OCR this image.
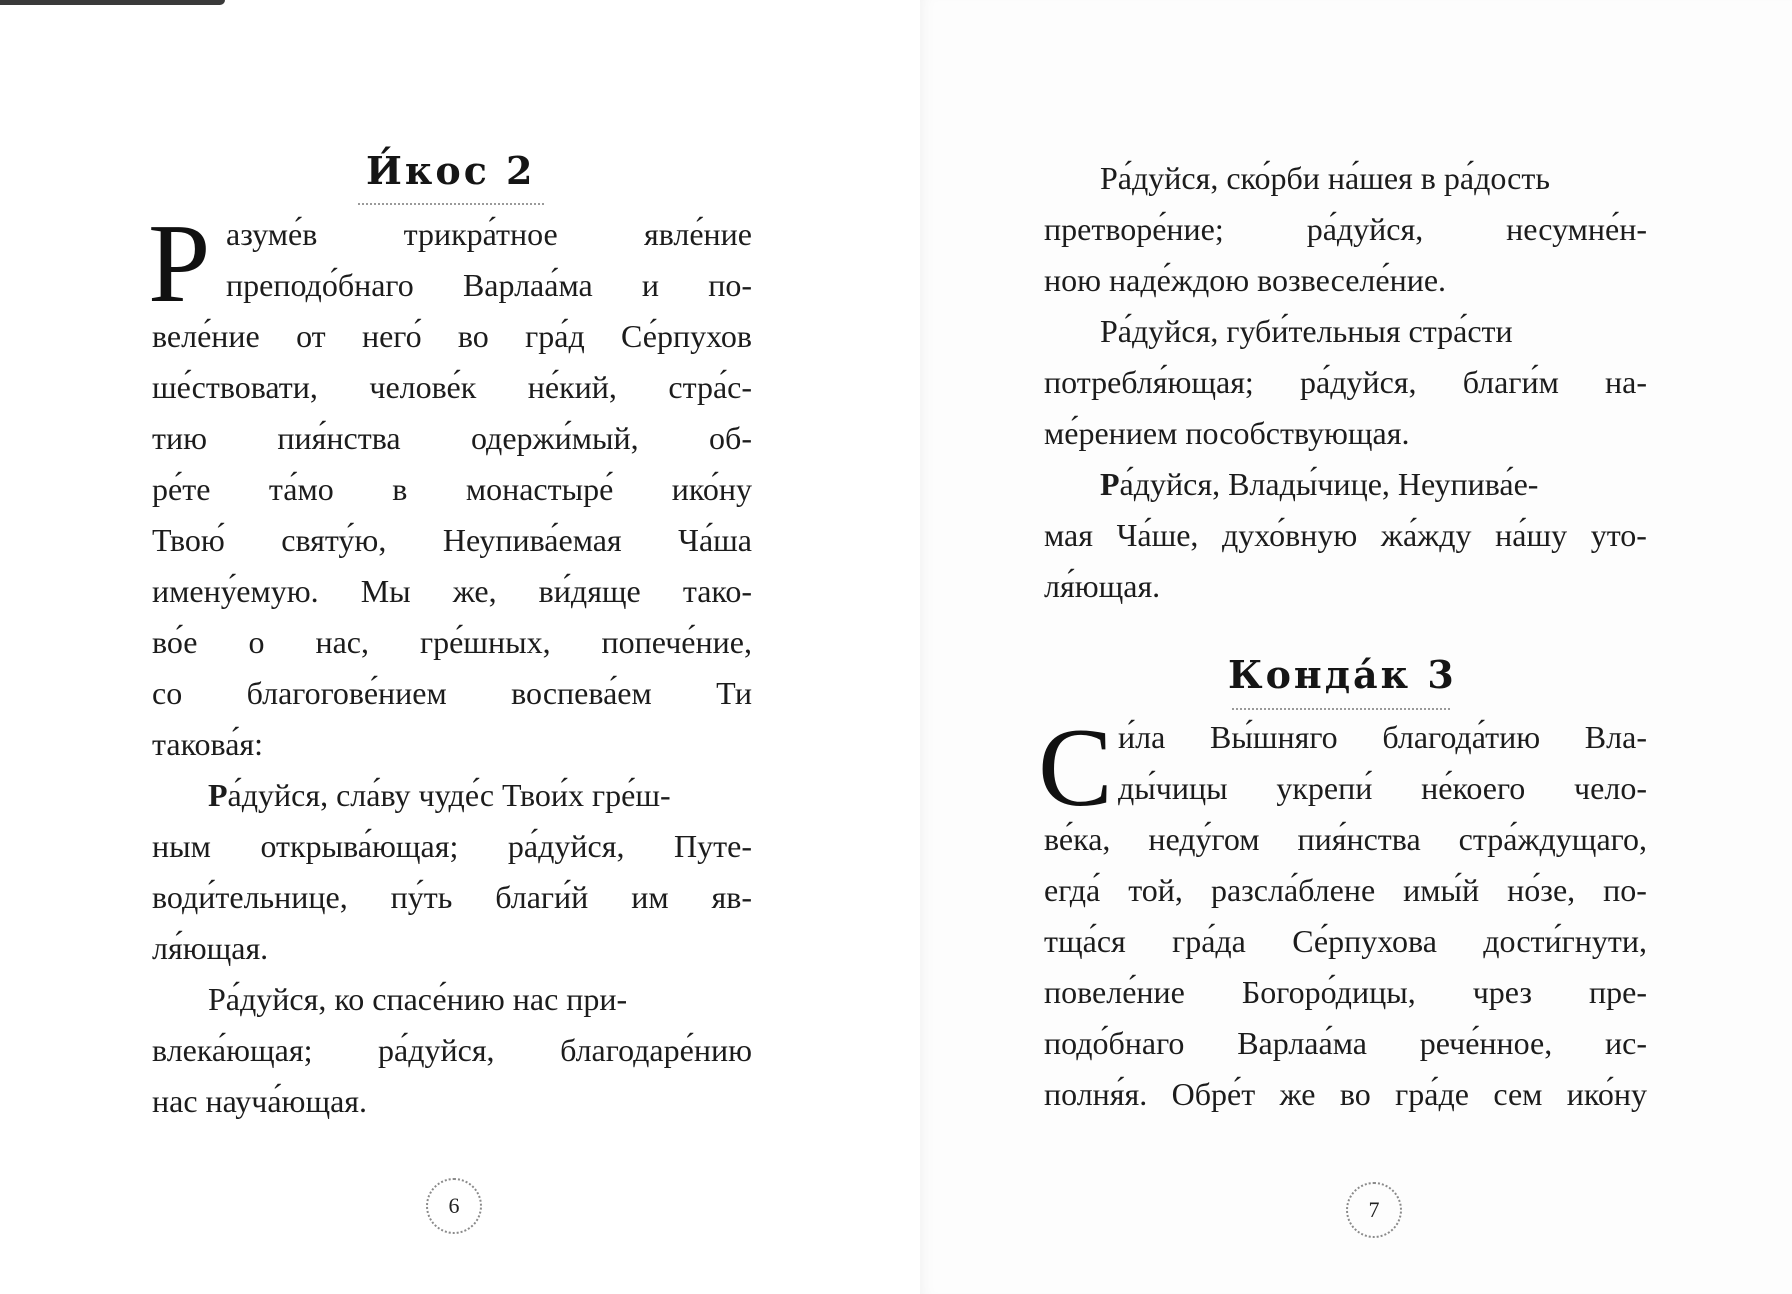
И́кос 2
Р азуме́в	трикра́тное	явле́ние
преподо́бнаго Варлаа́ма и по-
веле́ние от него́ во гра́д Се́рпухов
ше́ствовати, челове́к не́кий, стра́с-
тию пия́нства одержи́мый, об-
ре́те та́мо в монастыре́ ико́ну
Твою́ святу́ю, Неупива́емая Ча́ша
имену́емую. Мы же, ви́дяще тако-
во́е о нас, гре́шных, попече́ние,
со благогове́нием воспева́ем Ти
такова́я:
Ра́дуйся, сла́ву чуде́с Твои́х гре́ш-
ным открыва́ющая; ра́дуйся, Путе-
води́тельнице, пу́ть благи́й им яв-
ля́ющая.
Ра́дуйся, ко спасе́нию нас при-
влека́ющая; ра́дуйся, благодаре́нию
нас науча́ющая.
6
Ра́дуйся, ско́рби на́шея в ра́дость
претворе́ние;	ра́дуйся,	несумне́н-
ною наде́ждою возвеселе́ние.
Ра́дуйся, губи́тельныя стра́сти
потребля́ющая; ра́дуйся, благи́м на-
ме́рением пособствующая.
Ра́дуйся, Влады́чице, Неупива́е-
мая Ча́ше, духо́вную жа́жду на́шу уто-
ля́ющая.
Конда́к 3
С и́ла Вы́шняго благода́тию Вла-
ды́чицы укрепи́ не́коего чело-
ве́ка, неду́гом пия́нства стра́ждущаго,
егда́ той, разсла́блене имы́й но́зе, по-
тща́ся гра́да Се́рпухова дости́гнути,
повеле́ние Богоро́дицы, чрез пре-
подо́бнаго Варлаа́ма рече́нное, ис-
полня́я. Обре́т же во гра́де сем ико́ну
7
